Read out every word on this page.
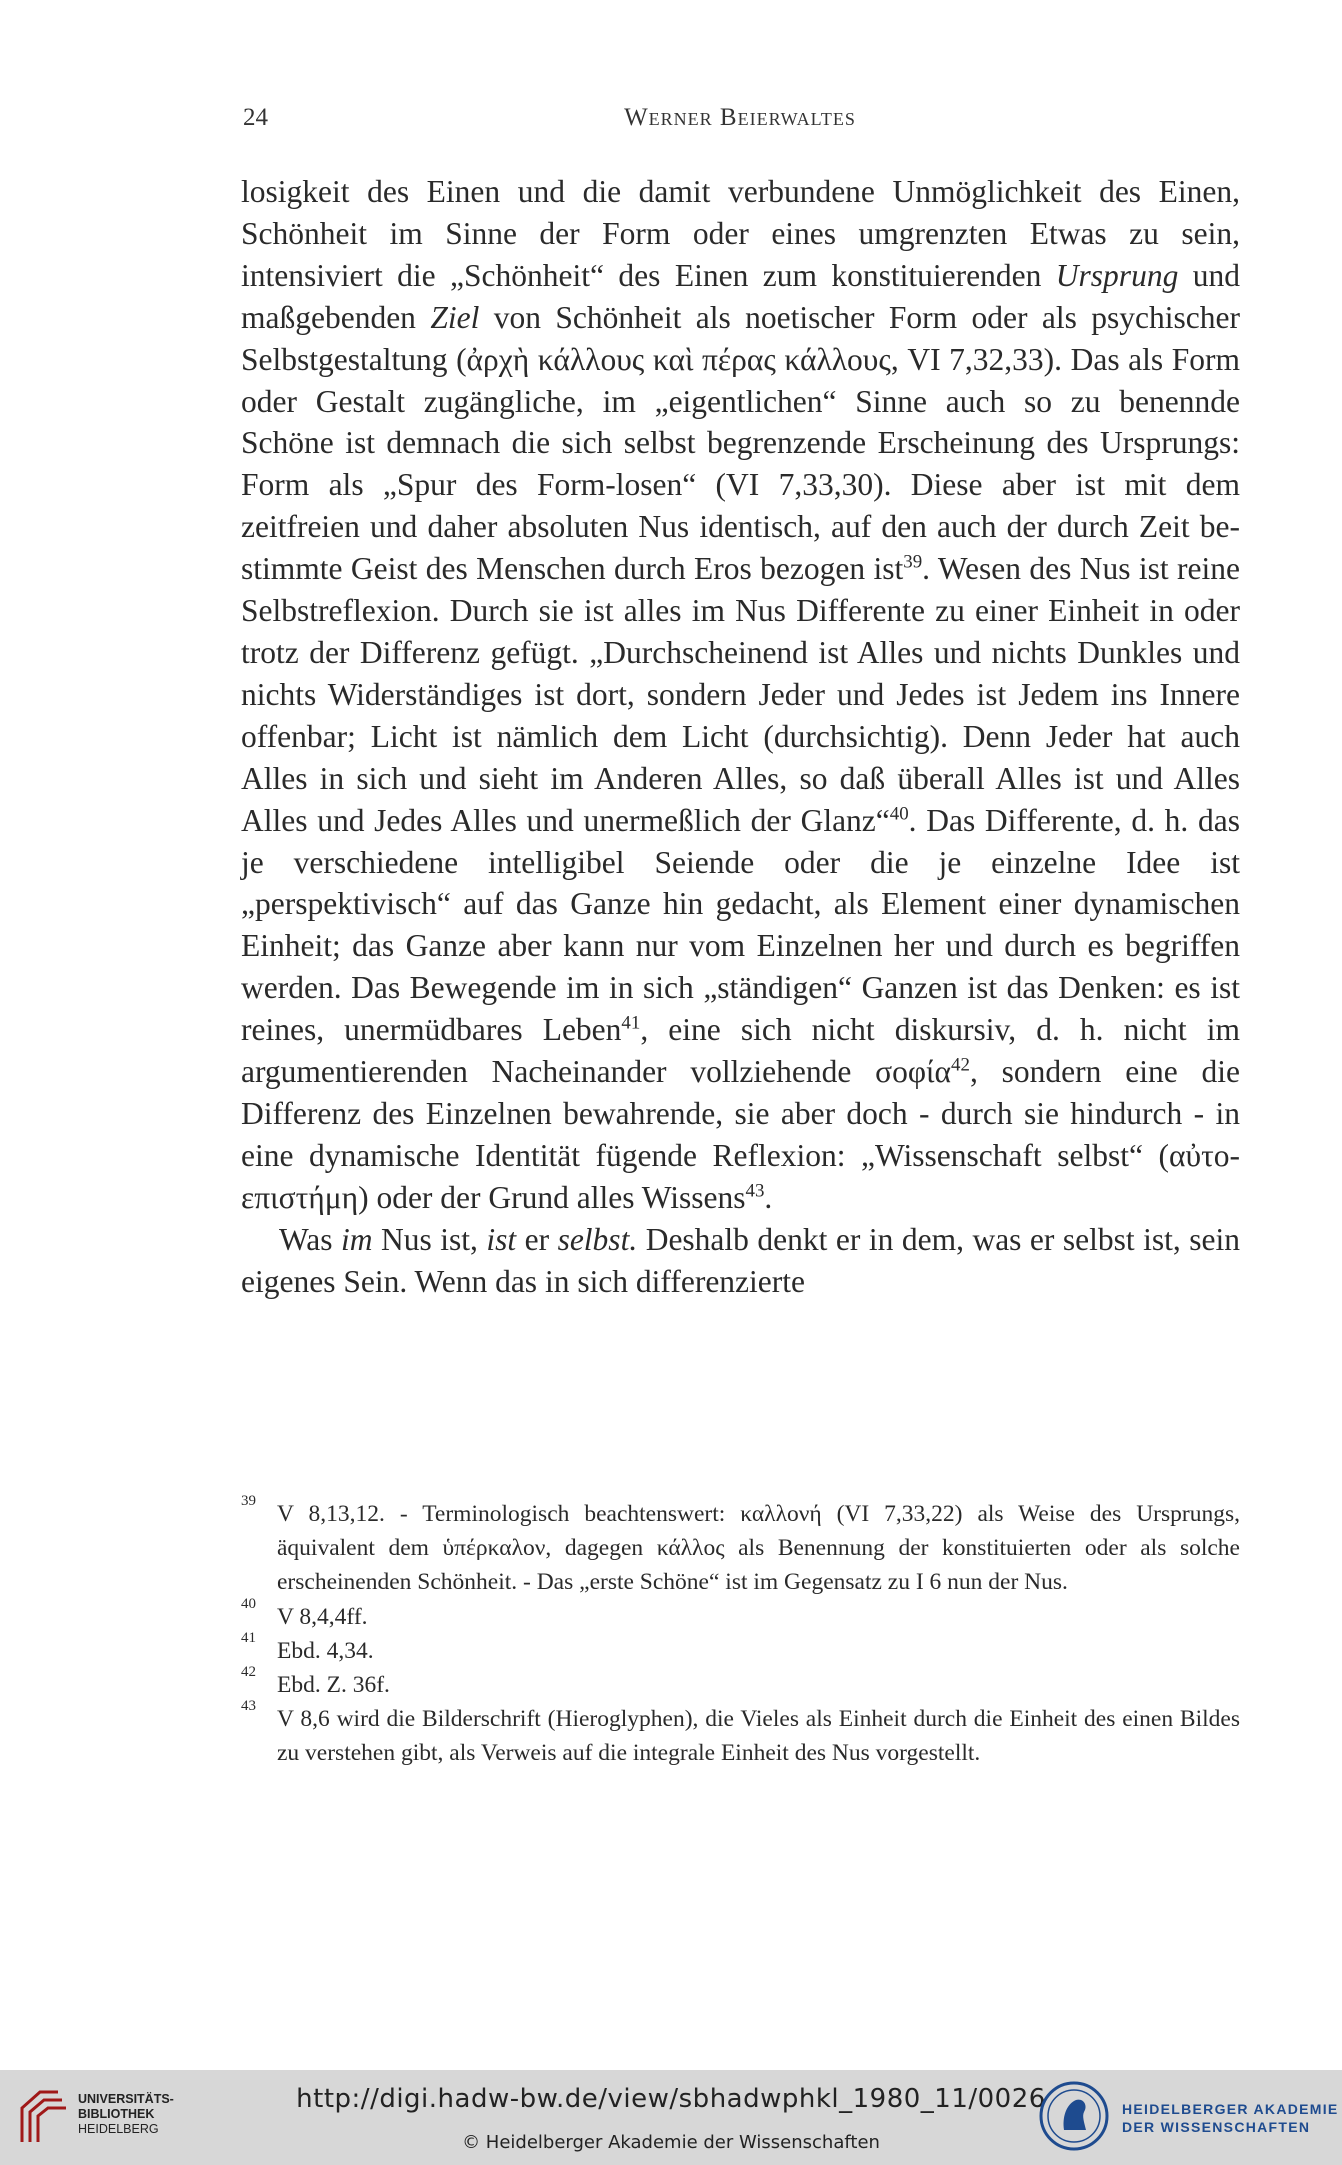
24	Werner Beierwaltes

losigkeit des Einen und die damit verbundene Unmöglichkeit des Einen, Schönheit im Sinne der Form oder eines umgrenzten Etwas zu sein, intensiviert die „Schönheit“ des Einen zum konstituierenden Ursprung und maßgebenden Ziel von Schönheit als noetischer Form oder als psychischer Selbstgestaltung (ἀρχὴ κάλλους καὶ πέρας κάλλους, VI 7,32,33). Das als Form oder Gestalt zugängliche, im „eigentlichen“ Sinne auch so zu benennde Schöne ist demnach die sich selbst begrenzende Erscheinung des Ursprungs: Form als „Spur des Form-losen“ (VI 7,33,30). Diese aber ist mit dem zeitfreien und daher absoluten Nus identisch, auf den auch der durch Zeit bestimmte Geist des Menschen durch Eros bezogen ist$^{39}$. Wesen des Nus ist reine Selbstreflexion. Durch sie ist alles im Nus Differente zu einer Einheit in oder trotz der Differenz gefügt. „Durchscheinend ist Alles und nichts Dunkles und nichts Widerständiges ist dort, sondern Jeder und Jedes ist Jedem ins Innere offenbar; Licht ist nämlich dem Licht (durchsichtig). Denn Jeder hat auch Alles in sich und sieht im Anderen Alles, so daß überall Alles ist und Alles Alles und Jedes Alles und unermeßlich der Glanz“$^{40}$. Das Differente, d. h. das je verschiedene intelligibel Seiende oder die je einzelne Idee ist „perspektivisch“ auf das Ganze hin gedacht, als Element einer dynamischen Einheit; das Ganze aber kann nur vom Einzelnen her und durch es begriffen werden. Das Bewegende im in sich „ständigen“ Ganzen ist das Denken: es ist reines, unermüdbares Leben$^{41}$, eine sich nicht diskursiv, d. h. nicht im argumentierenden Nacheinander vollziehende σοφία$^{42}$, sondern eine die Differenz des Einzelnen bewahrende, sie aber doch - durch sie hindurch - in eine dynamische Identität fügende Reflexion: „Wissenschaft selbst“ (αὐτοεπιστήμη) oder der Grund alles Wissens$^{43}$.

Was im Nus ist, ist er selbst. Deshalb denkt er in dem, was er selbst ist, sein eigenes Sein. Wenn das in sich differenzierte

39 V 8,13,12. - Terminologisch beachtenswert: καλλονή (VI 7,33,22) als Weise des Ursprungs, äquivalent dem ὑπέρκαλον, dagegen κάλλος als Benennung der konstituierten oder als solche erscheinenden Schönheit. - Das „erste Schöne“ ist im Gegensatz zu I 6 nun der Nus.
40 V 8,4,4ff.
41 Ebd. 4,34.
42 Ebd. Z. 36f.
43 V 8,6 wird die Bilderschrift (Hieroglyphen), die Vieles als Einheit durch die Einheit des einen Bildes zu verstehen gibt, als Verweis auf die integrale Einheit des Nus vorgestellt.
UNIVERSITÄTS-
BIBLIOTHEK
HEIDELBERG
http://digi.hadw-bw.de/view/sbhadwphkl_1980_11/0026
© Heidelberger Akademie der Wissenschaften
HEIDELBERGER AKADEMIE
DER WISSENSCHAFTEN
